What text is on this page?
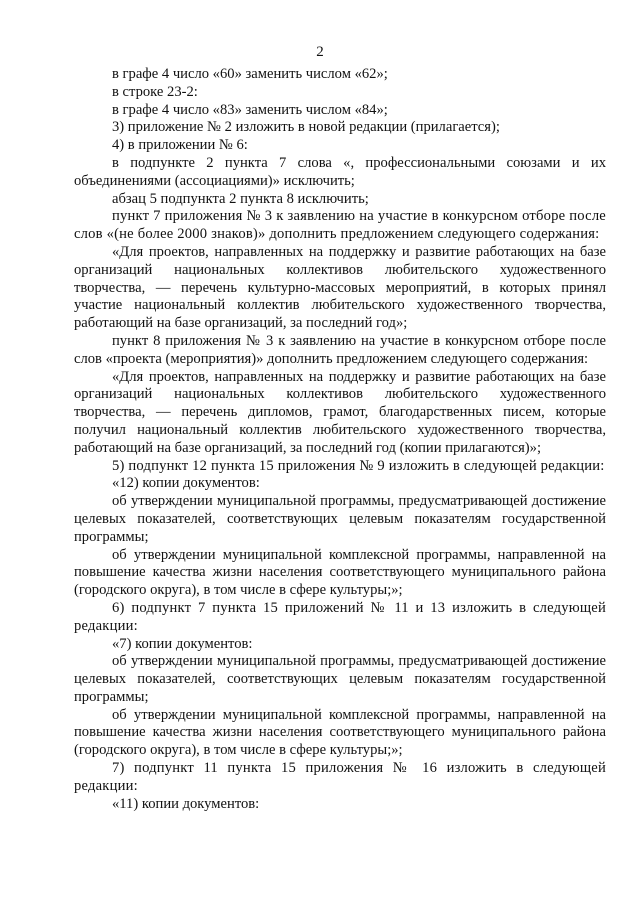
2

в графе 4 число «60» заменить числом «62»;

в строке 23-2:

в графе 4 число «83» заменить числом «84»;

3) приложение № 2 изложить в новой редакции (прилагается);

4) в приложении № 6:

в подпункте 2 пункта 7 слова «, профессиональными союзами и их объединениями (ассоциациями)» исключить;

абзац 5 подпункта 2 пункта 8 исключить;

пункт 7 приложения № 3 к заявлению на участие в конкурсном отборе после слов «(не более 2000 знаков)» дополнить предложением следующего содержания:

«Для проектов, направленных на поддержку и развитие работающих на базе организаций национальных коллективов любительского художественного творчества, — перечень культурно-массовых мероприятий, в которых принял участие национальный коллектив любительского художественного творчества, работающий на базе организаций, за последний год»;

пункт 8 приложения № 3 к заявлению на участие в конкурсном отборе после слов «проекта (мероприятия)» дополнить предложением следующего содержания:

«Для проектов, направленных на поддержку и развитие работающих на базе организаций национальных коллективов любительского художественного творчества, — перечень дипломов, грамот, благодарственных писем, которые получил национальный коллектив любительского художественного творчества, работающий на базе организаций, за последний год (копии прилагаются)»;

5) подпункт 12 пункта 15 приложения № 9 изложить в следующей редакции:

«12) копии документов:

об утверждении муниципальной программы, предусматривающей достижение целевых показателей, соответствующих целевым показателям государственной программы;

об утверждении муниципальной комплексной программы, направленной на повышение качества жизни населения соответствующего муниципального района (городского округа), в том числе в сфере культуры;»;

6) подпункт 7 пункта 15 приложений № 11 и 13 изложить в следующей редакции:

«7) копии документов:

об утверждении муниципальной программы, предусматривающей достижение целевых показателей, соответствующих целевым показателям государственной программы;

об утверждении муниципальной комплексной программы, направленной на повышение качества жизни населения соответствующего муниципального района (городского округа), в том числе в сфере культуры;»;

7) подпункт 11 пункта 15 приложения № 16 изложить в следующей редакции:

«11) копии документов:
